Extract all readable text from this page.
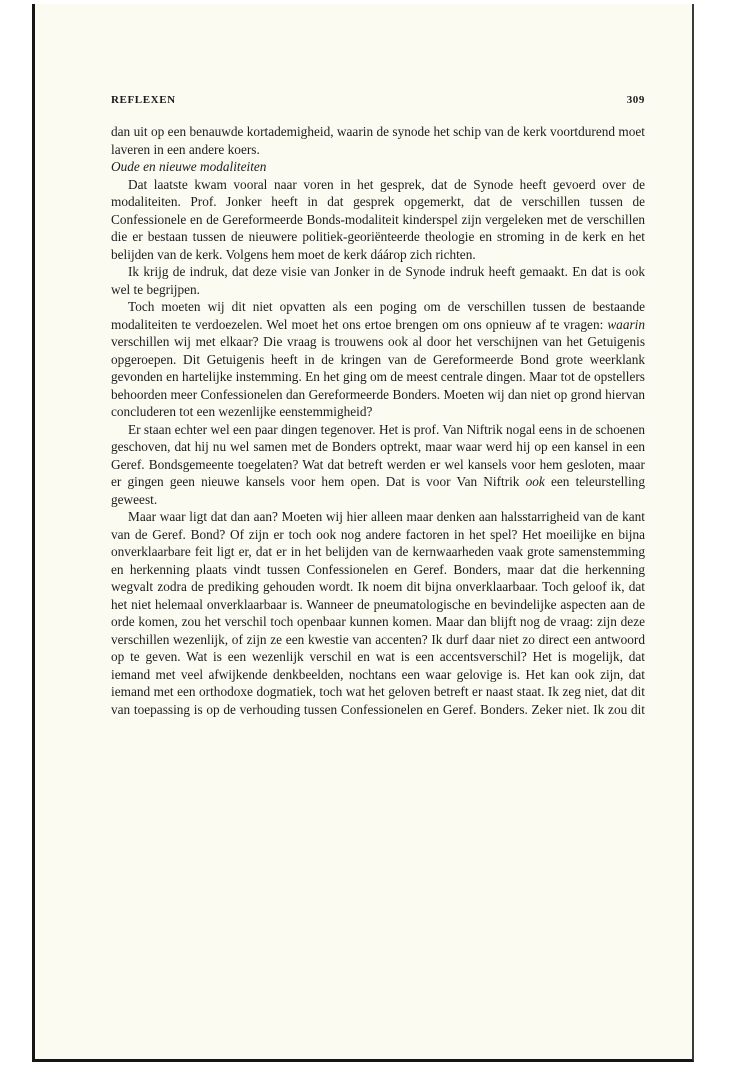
REFLEXEN	309

dan uit op een benauwde kortademigheid, waarin de synode het schip van de kerk voortdurend moet laveren in een andere koers.

Oude en nieuwe modaliteiten

Dat laatste kwam vooral naar voren in het gesprek, dat de Synode heeft gevoerd over de modaliteiten. Prof. Jonker heeft in dat gesprek opgemerkt, dat de verschillen tussen de Confessionele en de Gereformeerde Bonds-modaliteit kinderspel zijn vergeleken met de verschillen die er bestaan tussen de nieuwere politiek-georiënteerde theologie en stroming in de kerk en het belijden van de kerk. Volgens hem moet de kerk dáárop zich richten.

Ik krijg de indruk, dat deze visie van Jonker in de Synode indruk heeft gemaakt. En dat is ook wel te begrijpen.

Toch moeten wij dit niet opvatten als een poging om de verschillen tussen de bestaande modaliteiten te verdoezelen. Wel moet het ons ertoe brengen om ons opnieuw af te vragen: waarin verschillen wij met elkaar? Die vraag is trouwens ook al door het verschijnen van het Getuigenis opgeroepen. Dit Getuigenis heeft in de kringen van de Gereformeerde Bond grote weerklank gevonden en hartelijke instemming. En het ging om de meest centrale dingen. Maar tot de opstellers behoorden meer Confessionelen dan Gereformeerde Bonders. Moeten wij dan niet op grond hiervan concluderen tot een wezenlijke eenstemmigheid?

Er staan echter wel een paar dingen tegenover. Het is prof. Van Niftrik nogal eens in de schoenen geschoven, dat hij nu wel samen met de Bonders optrekt, maar waar werd hij op een kansel in een Geref. Bondsgemeente toegelaten? Wat dat betreft werden er wel kansels voor hem gesloten, maar er gingen geen nieuwe kansels voor hem open. Dat is voor Van Niftrik ook een teleurstelling geweest.

Maar waar ligt dat dan aan? Moeten wij hier alleen maar denken aan halsstarrigheid van de kant van de Geref. Bond? Of zijn er toch ook nog andere factoren in het spel? Het moeilijke en bijna onverklaarbare feit ligt er, dat er in het belijden van de kernwaarheden vaak grote samenstemming en herkenning plaats vindt tussen Confessionelen en Geref. Bonders, maar dat die herkenning wegvalt zodra de prediking gehouden wordt. Ik noem dit bijna onverklaarbaar. Toch geloof ik, dat het niet helemaal onverklaarbaar is. Wanneer de pneumatologische en bevindelijke aspecten aan de orde komen, zou het verschil toch openbaar kunnen komen. Maar dan blijft nog de vraag: zijn deze verschillen wezenlijk, of zijn ze een kwestie van accenten? Ik durf daar niet zo direct een antwoord op te geven. Wat is een wezenlijk verschil en wat is een accentsverschil? Het is mogelijk, dat iemand met veel afwijkende denkbeelden, nochtans een waar gelovige is. Het kan ook zijn, dat iemand met een orthodoxe dogmatiek, toch wat het geloven betreft er naast staat. Ik zeg niet, dat dit van toepassing is op de verhouding tussen Confessionelen en Geref. Bonders. Zeker niet. Ik zou dit
